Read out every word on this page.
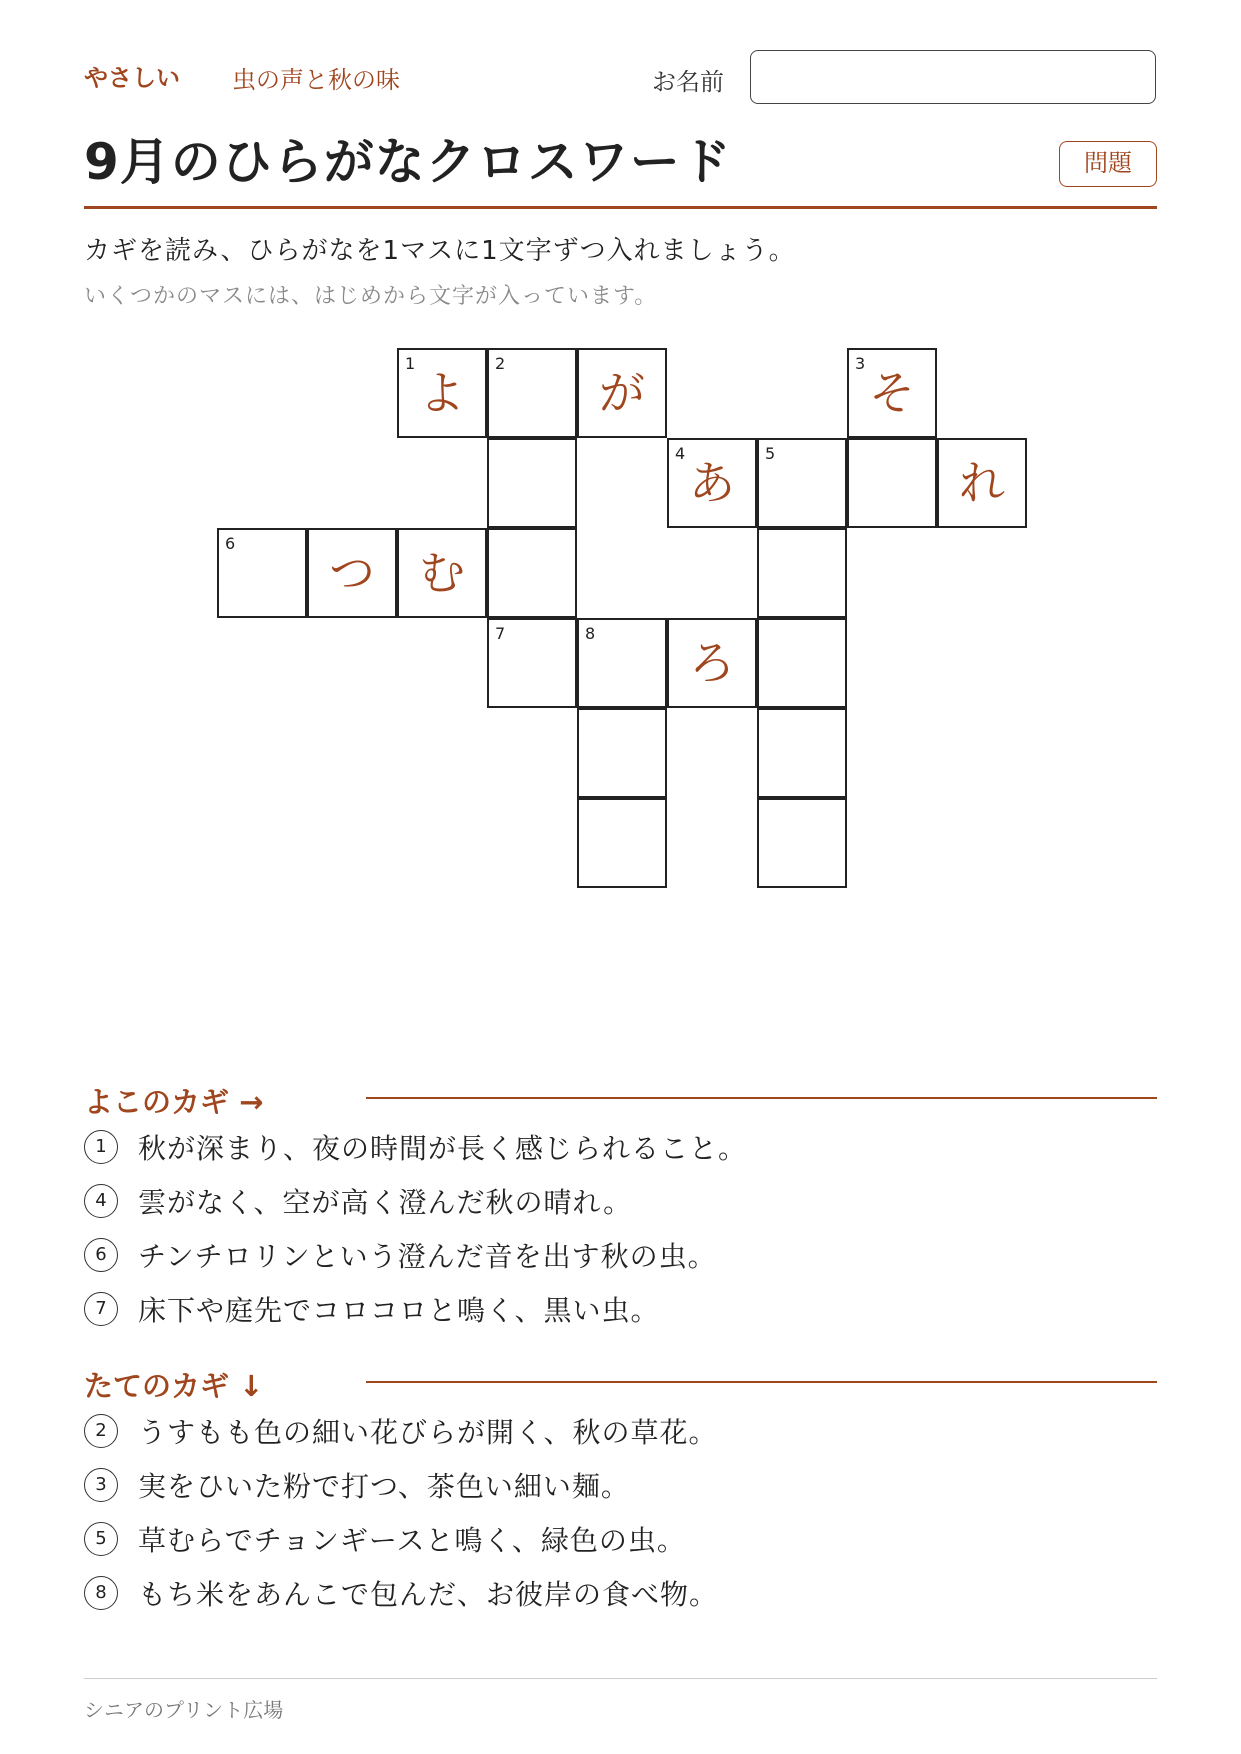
やさしい 虫の声と秋の味	お名前
9月のひらがなクロスワード	問題
カギを読み、ひらがなを1マスに1文字ずつ入れましょう。
いくつかのマスには、はじめから文字が入っています。
1
よ
2
が
3
そ
4
あ
5
れ
6
つ む
7	8
ろ
よこのカギ →
1	秋が深まり、夜の時間が長く感じられること。
4	雲がなく、空が高く澄んだ秋の晴れ。
6	チンチロリンという澄んだ音を出す秋の虫。
7	床下や庭先でコロコロと鳴く、黒い虫。
たてのカギ ↓
2	うすもも色の細い花びらが開く、秋の草花。
3	実をひいた粉で打つ、茶色い細い麺。
5	草むらでチョンギースと鳴く、緑色の虫。
8	もち米をあんこで包んだ、お彼岸の食べ物。
シニアのプリント広場
